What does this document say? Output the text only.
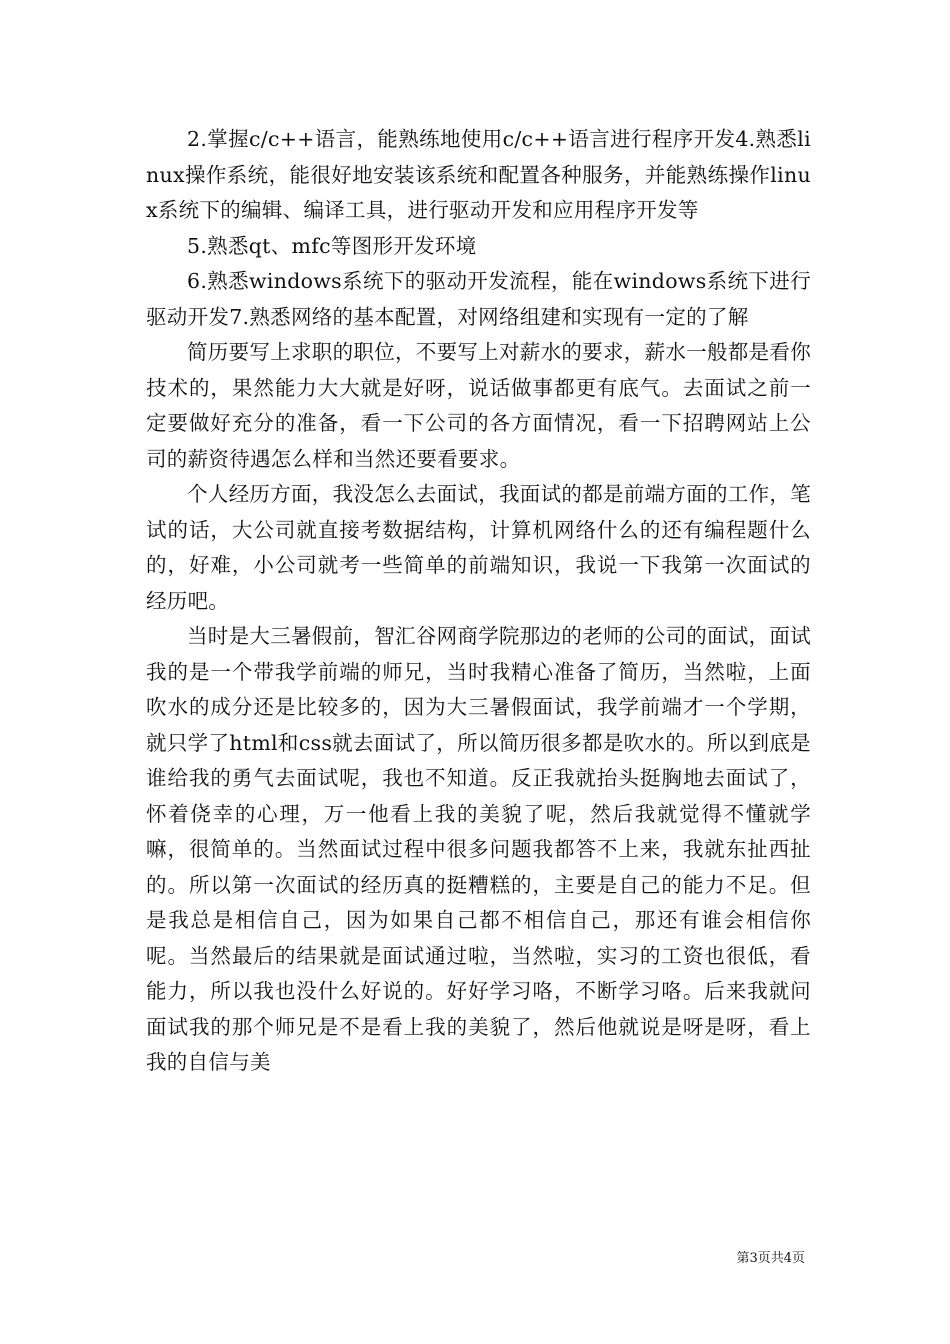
2.掌握c/c++语言，能熟练地使用c/c++语言进行程序开发4.熟悉linux操作系统，能很好地安装该系统和配置各种服务，并能熟练操作linux系统下的编辑、编译工具，进行驱动开发和应用程序开发等

5.熟悉qt、mfc等图形开发环境

6.熟悉windows系统下的驱动开发流程，能在windows系统下进行驱动开发7.熟悉网络的基本配置，对网络组建和实现有一定的了解

简历要写上求职的职位，不要写上对薪水的要求，薪水一般都是看你技术的，果然能力大大就是好呀，说话做事都更有底气。去面试之前一定要做好充分的准备，看一下公司的各方面情况，看一下招聘网站上公司的薪资待遇怎么样和当然还要看要求。

个人经历方面，我没怎么去面试，我面试的都是前端方面的工作，笔试的话，大公司就直接考数据结构，计算机网络什么的还有编程题什么的，好难，小公司就考一些简单的前端知识，我说一下我第一次面试的经历吧。

当时是大三暑假前，智汇谷网商学院那边的老师的公司的面试，面试我的是一个带我学前端的师兄，当时我精心准备了简历，当然啦，上面吹水的成分还是比较多的，因为大三暑假面试，我学前端才一个学期，就只学了html和css就去面试了，所以简历很多都是吹水的。所以到底是谁给我的勇气去面试呢，我也不知道。反正我就抬头挺胸地去面试了，怀着侥幸的心理，万一他看上我的美貌了呢，然后我就觉得不懂就学嘛，很简单的。当然面试过程中很多问题我都答不上来，我就东扯西扯的。所以第一次面试的经历真的挺糟糕的，主要是自己的能力不足。但是我总是相信自己，因为如果自己都不相信自己，那还有谁会相信你呢。当然最后的结果就是面试通过啦，当然啦，实习的工资也很低，看能力，所以我也没什么好说的。好好学习咯，不断学习咯。后来我就问面试我的那个师兄是不是看上我的美貌了，然后他就说是呀是呀，看上我的自信与美

第3页共4页
